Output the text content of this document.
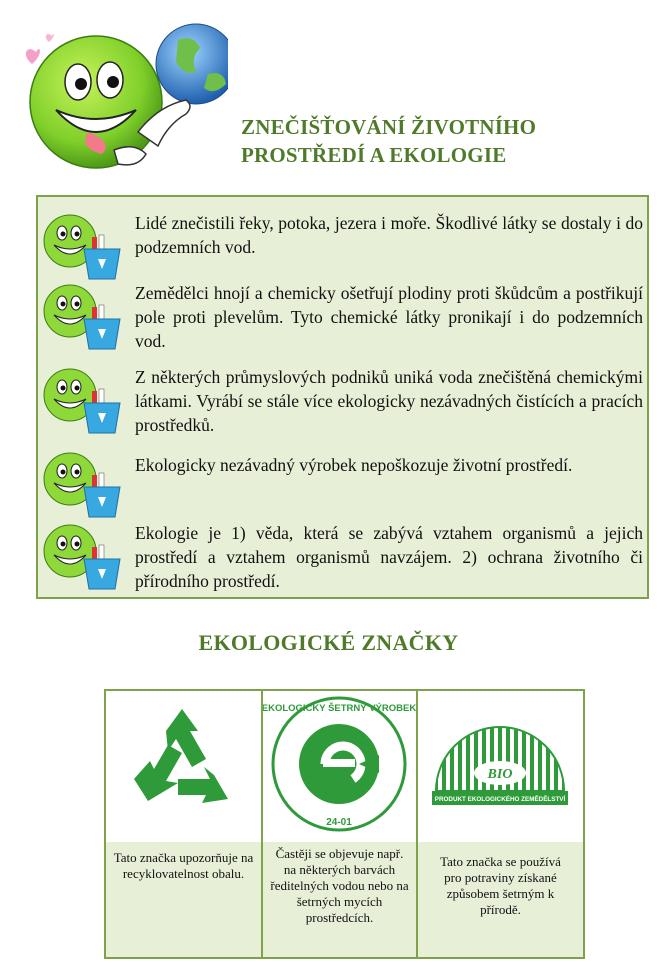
ZNEČIŠŤOVÁNÍ ŽIVOTNÍHO
PROSTŘEDÍ A EKOLOGIE
Lidé znečistili řeky, potoka, jezera i moře. Škodlivé látky se dostaly i do podzemních vod.
Zemědělci hnojí a chemicky ošetřují plodiny proti škůdcům a postřikují pole proti plevelům. Tyto chemické látky pronikají i do podzemních vod.
Z některých průmyslových podniků uniká voda znečištěná chemickými látkami. Vyrábí se stále více ekologicky nezávadných čistících a pracích prostředků.
Ekologicky nezávadný výrobek nepoškozuje životní prostředí.
Ekologie je 1) věda, která se zabývá vztahem organismů a jejich prostředí a vztahem organismů navzájem. 2) ochrana životního či přírodního prostředí.
EKOLOGICKÉ ZNAČKY
EKOLOGICKY ŠETRNÝ VÝROBEK
24-01
BIO
PRODUKT EKOLOGICKÉHO ZEMĚDĚLSTVÍ
Tato značka upozorňuje na recyklovatelnost obalu.
Častěji se objevuje např. na některých barvách ředitelných vodou nebo na šetrných mycích prostředcích.
Tato značka se používá pro potraviny získané způsobem šetrným k přírodě.
